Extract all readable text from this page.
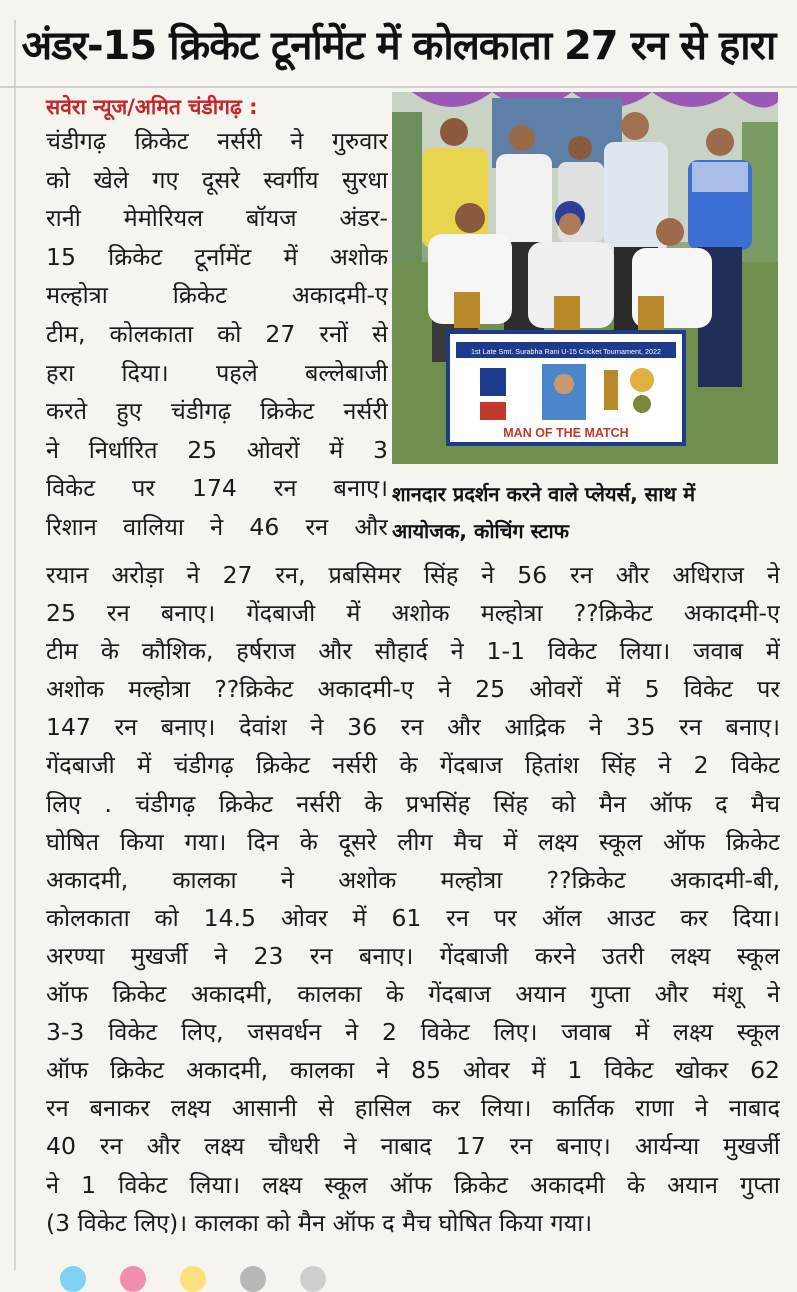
अंडर-15 क्रिकेट टूर्नामेंट में कोलकाता 27 रन से हारा
सवेरा न्यूज/अमित चंडीगढ़ :
चंडीगढ़ क्रिकेट नर्सरी ने गुरुवार
को खेले गए दूसरे स्वर्गीय सुरधा
रानी मेमोरियल बॉयज अंडर-
15 क्रिकेट टूर्नामेंट में अशोक
मल्होत्रा क्रिकेट अकादमी-ए
टीम, कोलकाता को 27 रनों से
हरा दिया। पहले बल्लेबाजी
करते हुए चंडीगढ़ क्रिकेट नर्सरी
ने निर्धारित 25 ओवरों में 3
विकेट पर 174 रन बनाए।
रिशान वालिया ने 46 रन और
1st Late Smt. Surabha Rani U-15 Cricket Tournament, 2022
MAN OF THE MATCH
शानदार प्रदर्शन करने वाले प्लेयर्स, साथ में
आयोजक, कोचिंग स्टाफ
रयान अरोड़ा ने 27 रन, प्रबसिमर सिंह ने 56 रन और अधिराज ने
25 रन बनाए। गेंदबाजी में अशोक मल्होत्रा ??क्रिकेट अकादमी-ए
टीम के कौशिक, हर्षराज और सौहार्द ने 1-1 विकेट लिया। जवाब में
अशोक मल्होत्रा ??क्रिकेट अकादमी-ए ने 25 ओवरों में 5 विकेट पर
147 रन बनाए। देवांश ने 36 रन और आद्रिक ने 35 रन बनाए।
गेंदबाजी में चंडीगढ़ क्रिकेट नर्सरी के गेंदबाज हितांश सिंह ने 2 विकेट
लिए . चंडीगढ़ क्रिकेट नर्सरी के प्रभसिंह सिंह को मैन ऑफ द मैच
घोषित किया गया। दिन के दूसरे लीग मैच में लक्ष्य स्कूल ऑफ क्रिकेट
अकादमी, कालका ने अशोक मल्होत्रा ??क्रिकेट अकादमी-बी,
कोलकाता को 14.5 ओवर में 61 रन पर ऑल आउट कर दिया।
अरण्या मुखर्जी ने 23 रन बनाए। गेंदबाजी करने उतरी लक्ष्य स्कूल
ऑफ क्रिकेट अकादमी, कालका के गेंदबाज अयान गुप्ता और मंशू ने
3-3 विकेट लिए, जसवर्धन ने 2 विकेट लिए। जवाब में लक्ष्य स्कूल
ऑफ क्रिकेट अकादमी, कालका ने 85 ओवर में 1 विकेट खोकर 62
रन बनाकर लक्ष्य आसानी से हासिल कर लिया। कार्तिक राणा ने नाबाद
40 रन और लक्ष्य चौधरी ने नाबाद 17 रन बनाए। आर्यन्या मुखर्जी
ने 1 विकेट लिया। लक्ष्य स्कूल ऑफ क्रिकेट अकादमी के अयान गुप्ता
(3 विकेट लिए)। कालका को मैन ऑफ द मैच घोषित किया गया।
